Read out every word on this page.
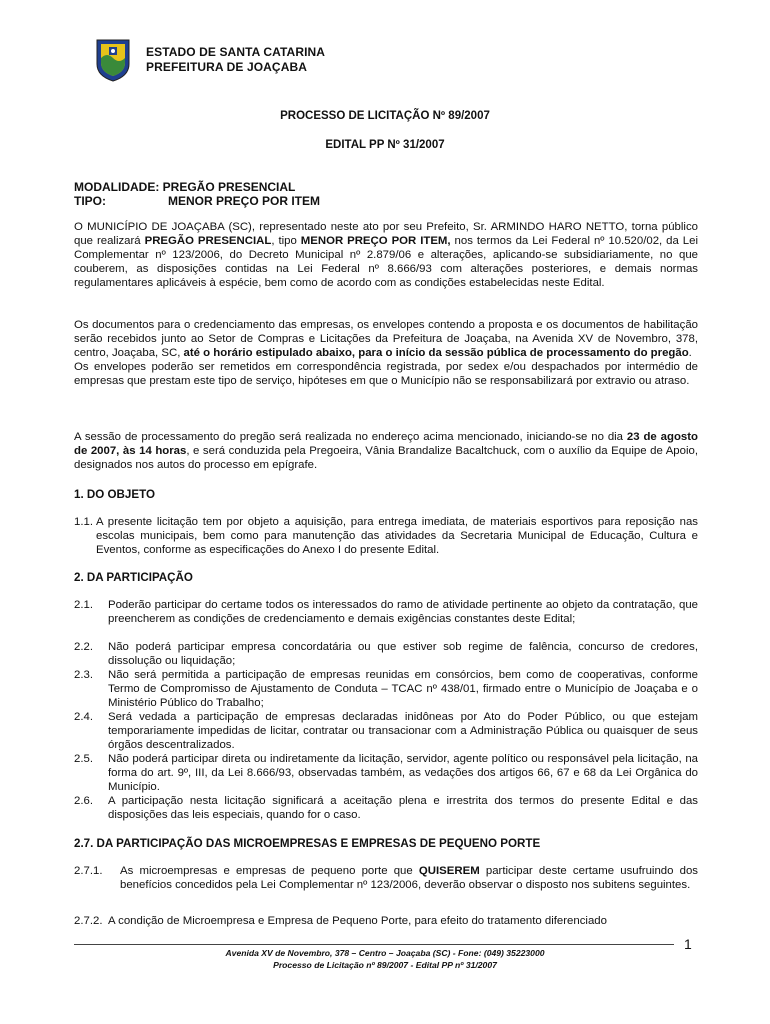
ESTADO DE SANTA CATARINA
PREFEITURA DE JOAÇABA
PROCESSO DE LICITAÇÃO Nº 89/2007
EDITAL PP Nº 31/2007
MODALIDADE: PREGÃO PRESENCIAL
TIPO:	MENOR PREÇO POR ITEM
O MUNICÍPIO DE JOAÇABA (SC), representado neste ato por seu Prefeito, Sr. ARMINDO HARO NETTO, torna público que realizará PREGÃO PRESENCIAL, tipo MENOR PREÇO POR ITEM, nos termos da Lei Federal nº 10.520/02, da Lei Complementar nº 123/2006, do Decreto Municipal nº 2.879/06 e alterações, aplicando-se subsidiariamente, no que couberem, as disposições contidas na Lei Federal nº 8.666/93 com alterações posteriores, e demais normas regulamentares aplicáveis à espécie, bem como de acordo com as condições estabelecidas neste Edital.
Os documentos para o credenciamento das empresas, os envelopes contendo a proposta e os documentos de habilitação serão recebidos junto ao Setor de Compras e Licitações da Prefeitura de Joaçaba, na Avenida XV de Novembro, 378, centro, Joaçaba, SC, até o horário estipulado abaixo, para o início da sessão pública de processamento do pregão.
Os envelopes poderão ser remetidos em correspondência registrada, por sedex e/ou despachados por intermédio de empresas que prestam este tipo de serviço, hipóteses em que o Município não se responsabilizará por extravio ou atraso.
A sessão de processamento do pregão será realizada no endereço acima mencionado, iniciando-se no dia 23 de agosto de 2007, às 14 horas, e será conduzida pela Pregoeira, Vânia Brandalize Bacaltchuck, com o auxílio da Equipe de Apoio, designados nos autos do processo em epígrafe.
1. DO OBJETO
1.1. A presente licitação tem por objeto a aquisição, para entrega imediata, de materiais esportivos para reposição nas escolas municipais, bem como para manutenção das atividades da Secretaria Municipal de Educação, Cultura e Eventos, conforme as especificações do Anexo I do presente Edital.
2. DA PARTICIPAÇÃO
2.1. Poderão participar do certame todos os interessados do ramo de atividade pertinente ao objeto da contratação, que preencherem as condições de credenciamento e demais exigências constantes deste Edital;
2.2. Não poderá participar empresa concordatária ou que estiver sob regime de falência, concurso de credores, dissolução ou liquidação;
2.3. Não será permitida a participação de empresas reunidas em consórcios, bem como de cooperativas, conforme Termo de Compromisso de Ajustamento de Conduta – TCAC nº 438/01, firmado entre o Município de Joaçaba e o Ministério Público do Trabalho;
2.4. Será vedada a participação de empresas declaradas inidôneas por Ato do Poder Público, ou que estejam temporariamente impedidas de licitar, contratar ou transacionar com a Administração Pública ou quaisquer de seus órgãos descentralizados.
2.5. Não poderá participar direta ou indiretamente da licitação, servidor, agente político ou responsável pela licitação, na forma do art. 9º, III, da Lei 8.666/93, observadas também, as vedações dos artigos 66, 67 e 68 da Lei Orgânica do Município.
2.6. A participação nesta licitação significará a aceitação plena e irrestrita dos termos do presente Edital e das disposições das leis especiais, quando for o caso.
2.7. DA PARTICIPAÇÃO DAS MICROEMPRESAS E EMPRESAS DE PEQUENO PORTE
2.7.1. As microempresas e empresas de pequeno porte que QUISEREM participar deste certame usufruindo dos benefícios concedidos pela Lei Complementar nº 123/2006, deverão observar o disposto nos subitens seguintes.
2.7.2. A condição de Microempresa e Empresa de Pequeno Porte, para efeito do tratamento diferenciado
1
Avenida XV de Novembro, 378 – Centro – Joaçaba (SC) - Fone: (049) 35223000
Processo de Licitação nº 89/2007 - Edital PP nº 31/2007
